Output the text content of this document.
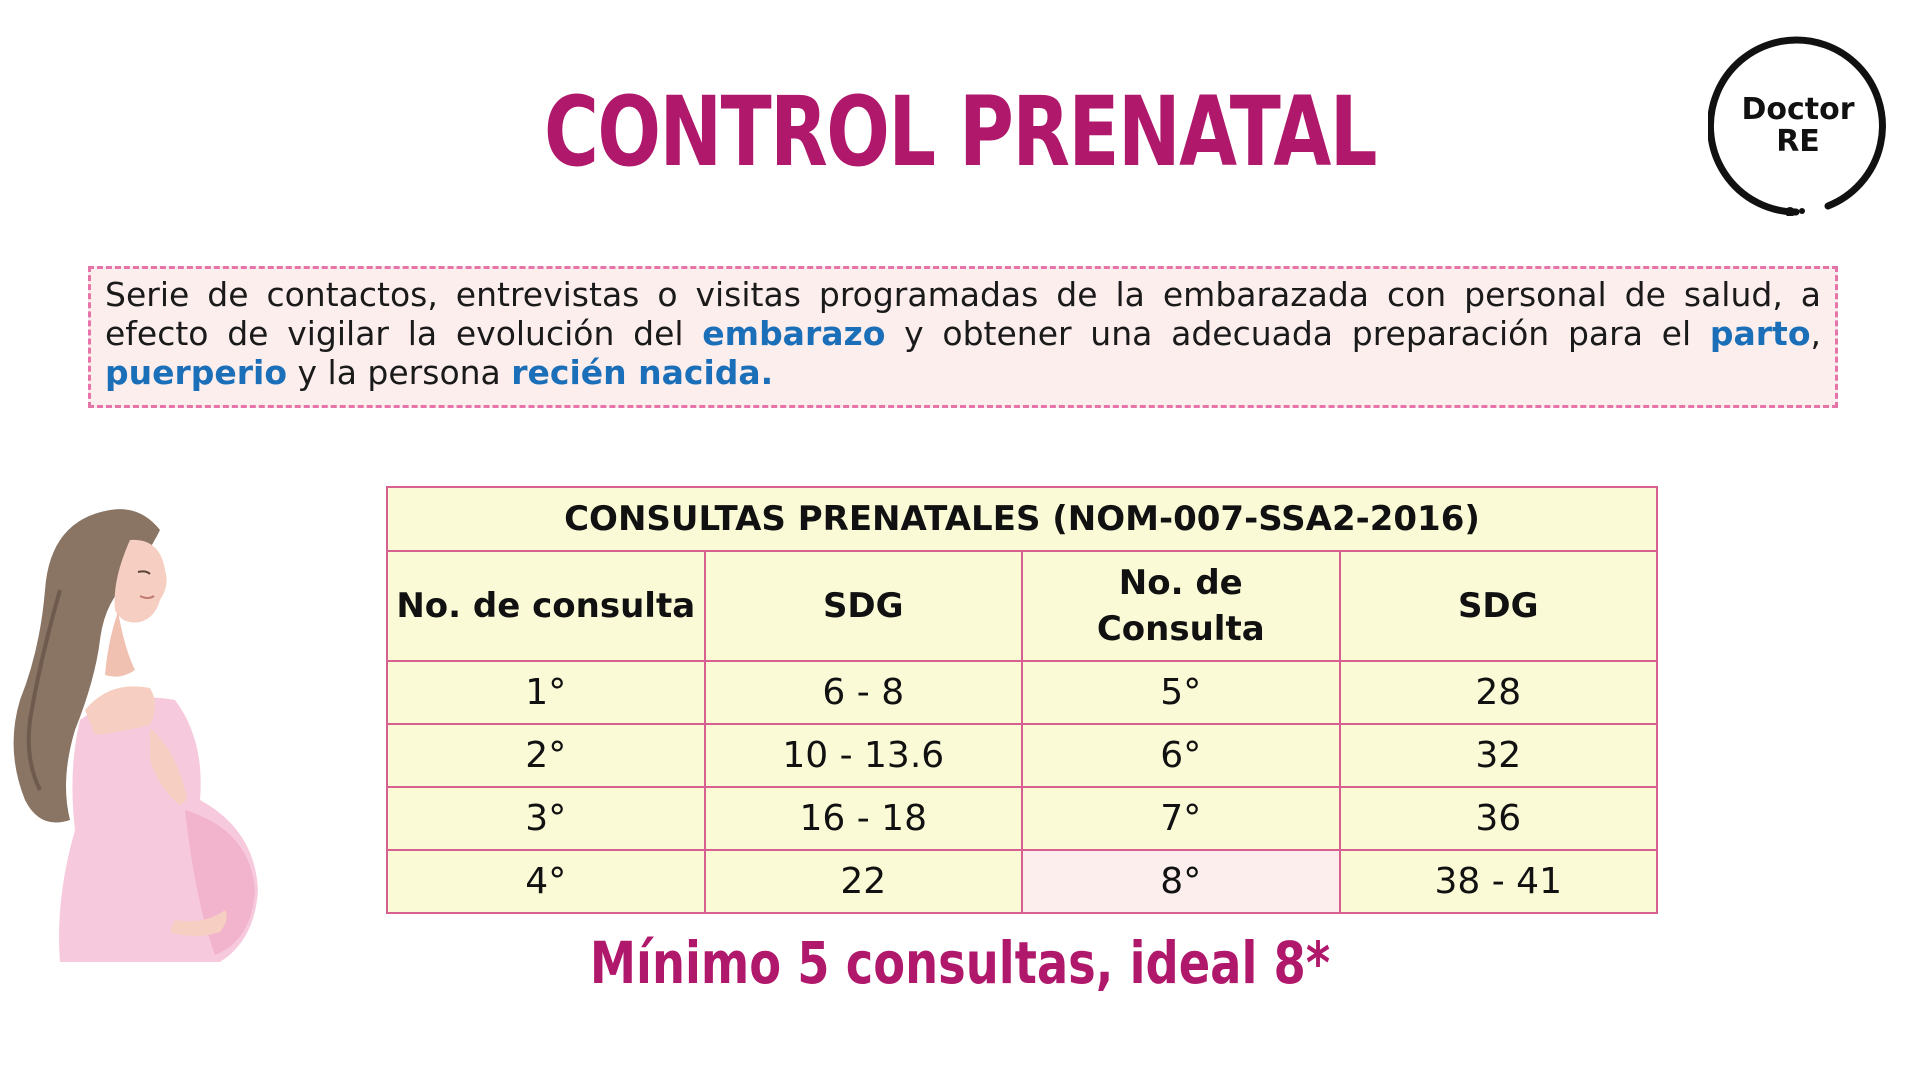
CONTROL PRENATAL	Doctor
RE
Serie de contactos, entrevistas o visitas programadas de la embarazada con personal de salud, a efecto de vigilar la evolución del embarazo y obtener una adecuada preparación para el parto, puerperio y la persona recién nacida.
CONSULTAS PRENATALES (NOM-007-SSA2-2016)			
No. de consulta	SDG	No. de Consulta	SDG
1°	6 - 8	5°	28
2°	10 - 13.6	6°	32
3°	16 - 18	7°	36
4°	22	8°	38 - 41
Mínimo 5 consultas, ideal 8*
